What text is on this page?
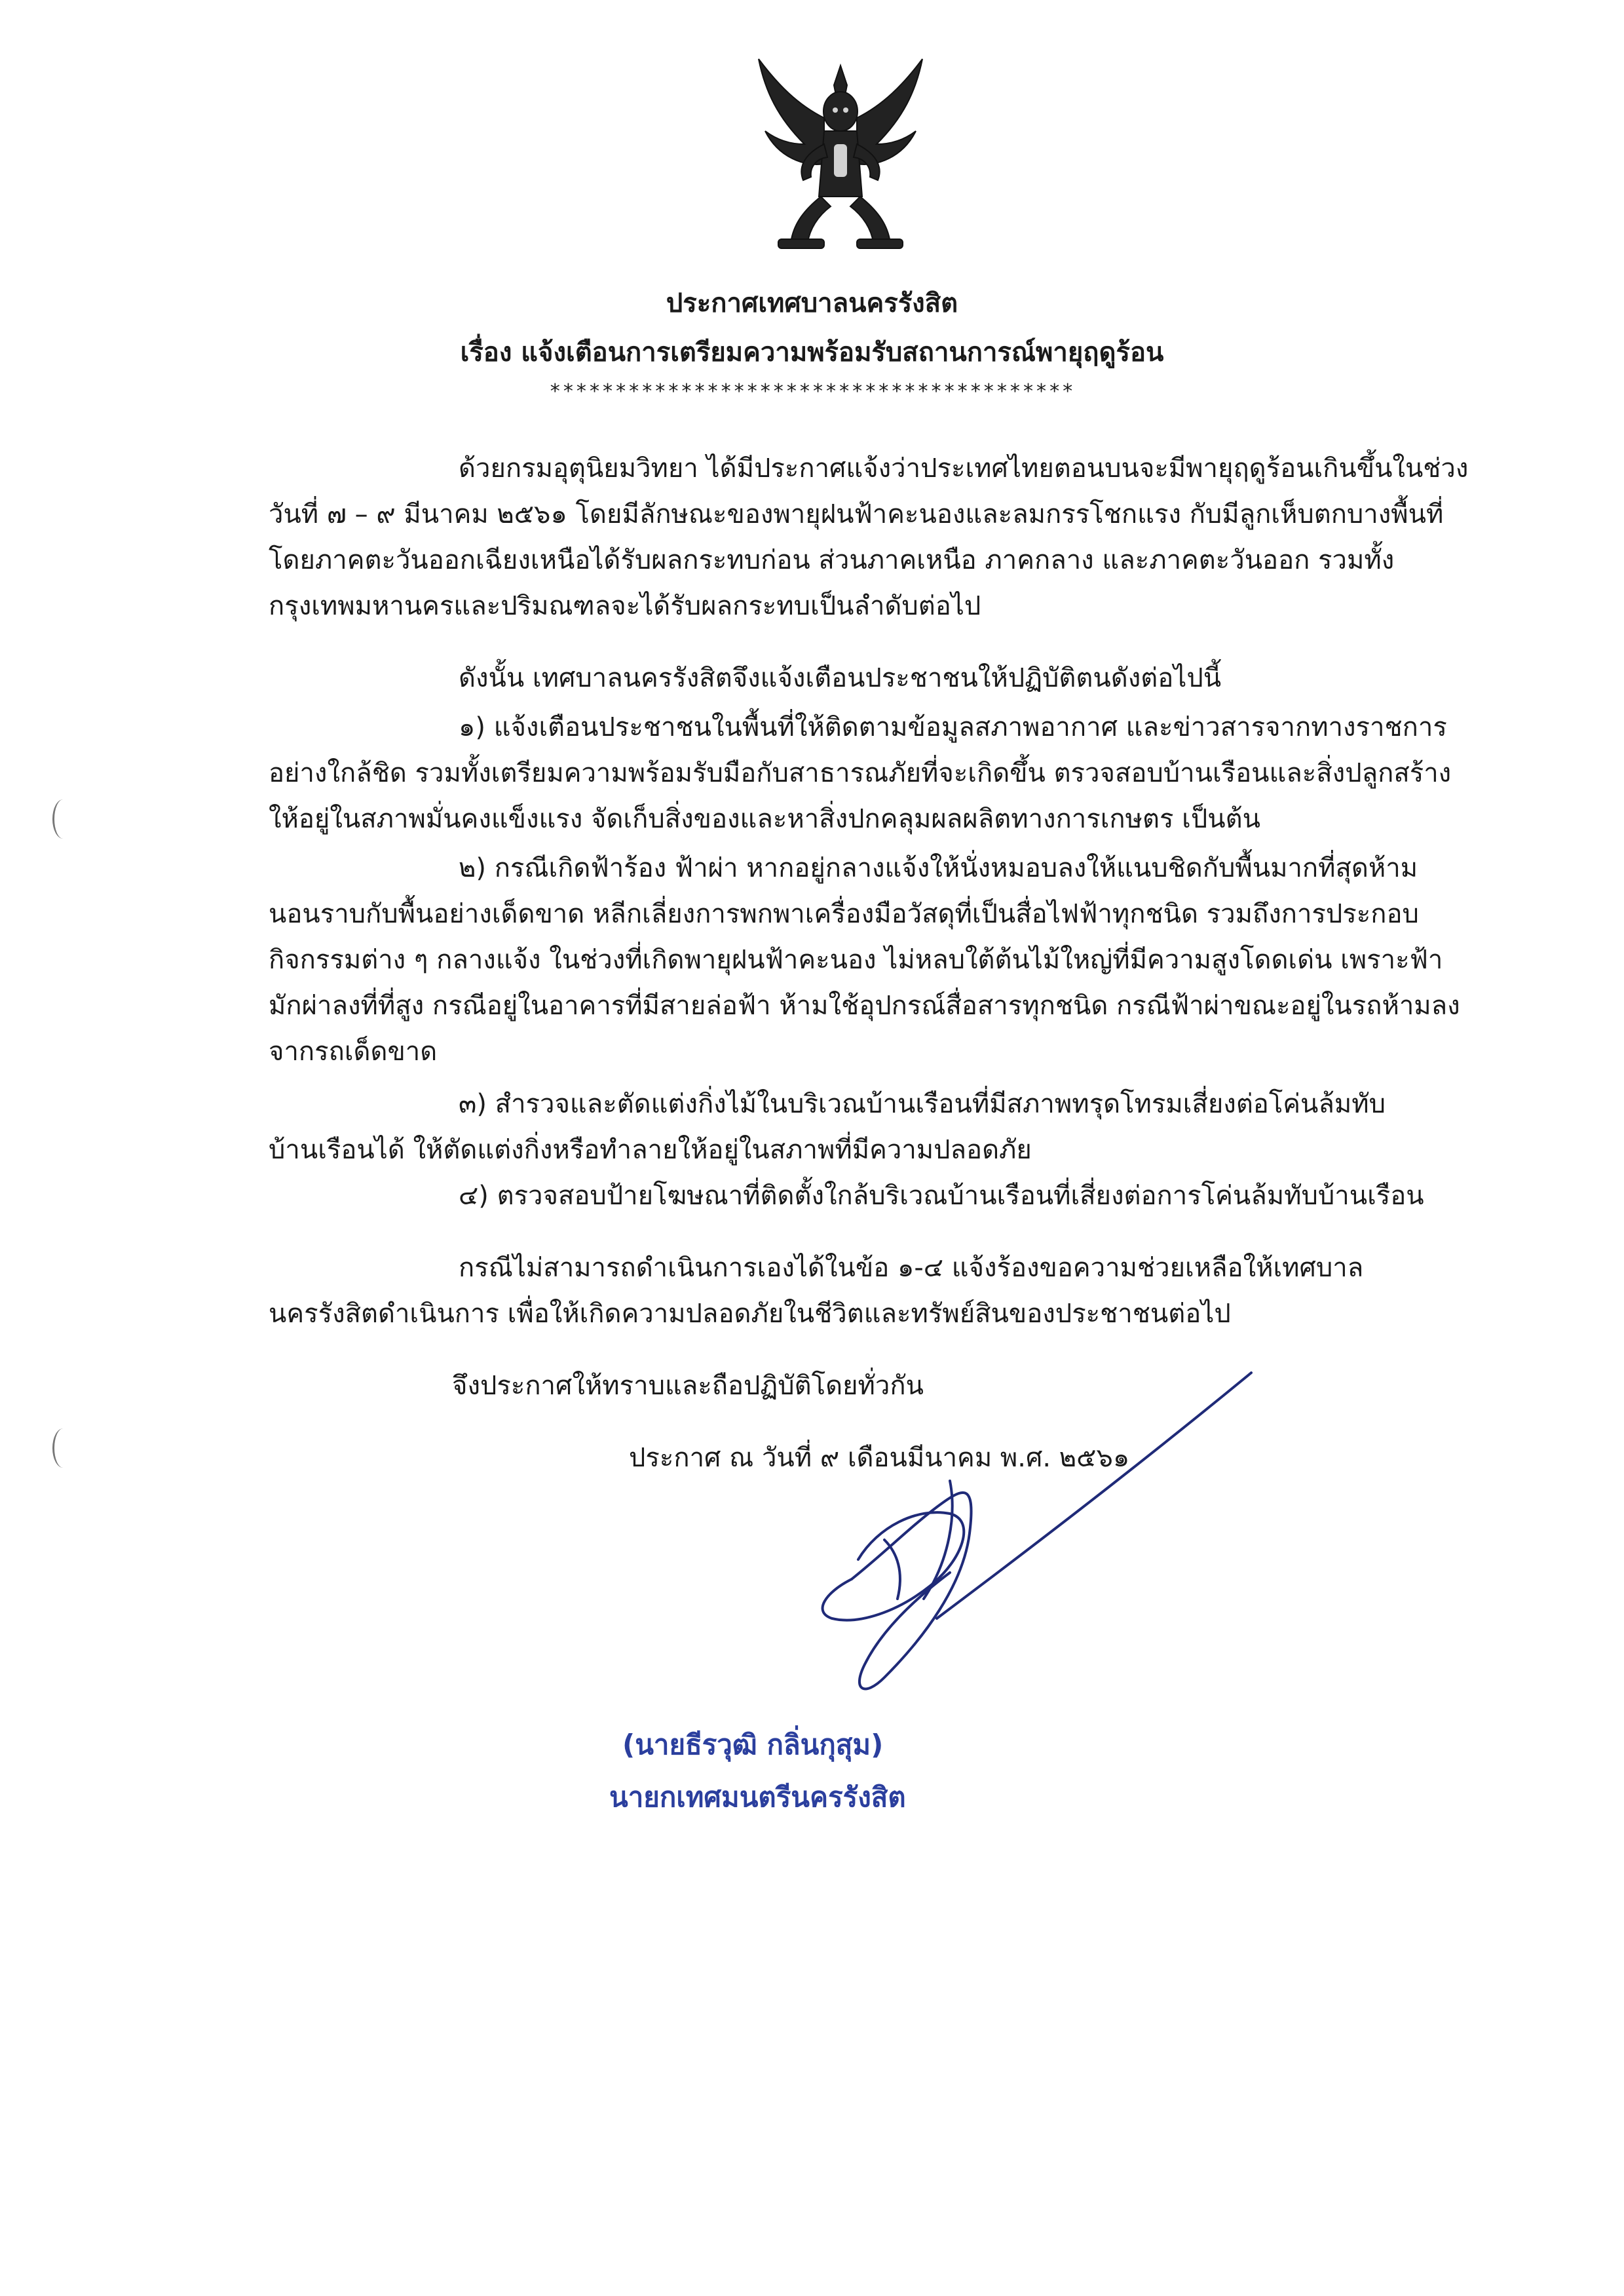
ประกาศเทศบาลนครรังสิต
เรื่อง แจ้งเตือนการเตรียมความพร้อมรับสถานการณ์พายุฤดูร้อน
****************************************
ด้วยกรมอุตุนิยมวิทยา ได้มีประกาศแจ้งว่าประเทศไทยตอนบนจะมีพายุฤดูร้อนเกินขึ้นในช่วง
วันที่ ๗ – ๙ มีนาคม ๒๕๖๑ โดยมีลักษณะของพายุฝนฟ้าคะนองและลมกรรโชกแรง กับมีลูกเห็บตกบางพื้นที่
โดยภาคตะวันออกเฉียงเหนือได้รับผลกระทบก่อน ส่วนภาคเหนือ ภาคกลาง และภาคตะวันออก รวมทั้ง
กรุงเทพมหานครและปริมณฑลจะได้รับผลกระทบเป็นลำดับต่อไป
ดังนั้น เทศบาลนครรังสิตจึงแจ้งเตือนประชาชนให้ปฏิบัติตนดังต่อไปนี้
๑) แจ้งเตือนประชาชนในพื้นที่ให้ติดตามข้อมูลสภาพอากาศ และข่าวสารจากทางราชการ
อย่างใกล้ชิด รวมทั้งเตรียมความพร้อมรับมือกับสาธารณภัยที่จะเกิดขึ้น ตรวจสอบบ้านเรือนและสิ่งปลูกสร้าง
ให้อยู่ในสภาพมั่นคงแข็งแรง จัดเก็บสิ่งของและหาสิ่งปกคลุมผลผลิตทางการเกษตร เป็นต้น
๒) กรณีเกิดฟ้าร้อง ฟ้าผ่า หากอยู่กลางแจ้งให้นั่งหมอบลงให้แนบชิดกับพื้นมากที่สุดห้าม
นอนราบกับพื้นอย่างเด็ดขาด หลีกเลี่ยงการพกพาเครื่องมือวัสดุที่เป็นสื่อไฟฟ้าทุกชนิด รวมถึงการประกอบ
กิจกรรมต่าง ๆ กลางแจ้ง ในช่วงที่เกิดพายุฝนฟ้าคะนอง ไม่หลบใต้ต้นไม้ใหญ่ที่มีความสูงโดดเด่น เพราะฟ้า
มักผ่าลงที่ที่สูง กรณีอยู่ในอาคารที่มีสายล่อฟ้า ห้ามใช้อุปกรณ์สื่อสารทุกชนิด กรณีฟ้าผ่าขณะอยู่ในรถห้ามลง
จากรถเด็ดขาด
๓) สำรวจและตัดแต่งกิ่งไม้ในบริเวณบ้านเรือนที่มีสภาพทรุดโทรมเสี่ยงต่อโค่นล้มทับ
บ้านเรือนได้ ให้ตัดแต่งกิ่งหรือทำลายให้อยู่ในสภาพที่มีความปลอดภัย
๔) ตรวจสอบป้ายโฆษณาที่ติดตั้งใกล้บริเวณบ้านเรือนที่เสี่ยงต่อการโค่นล้มทับบ้านเรือน
กรณีไม่สามารถดำเนินการเองได้ในข้อ ๑-๔ แจ้งร้องขอความช่วยเหลือให้เทศบาล
นครรังสิตดำเนินการ เพื่อให้เกิดความปลอดภัยในชีวิตและทรัพย์สินของประชาชนต่อไป
จึงประกาศให้ทราบและถือปฏิบัติโดยทั่วกัน
ประกาศ ณ วันที่ ๙ เดือนมีนาคม พ.ศ. ๒๕๖๑
(นายธีรวุฒิ กลิ่นกุสุม)
นายกเทศมนตรีนครรังสิต
